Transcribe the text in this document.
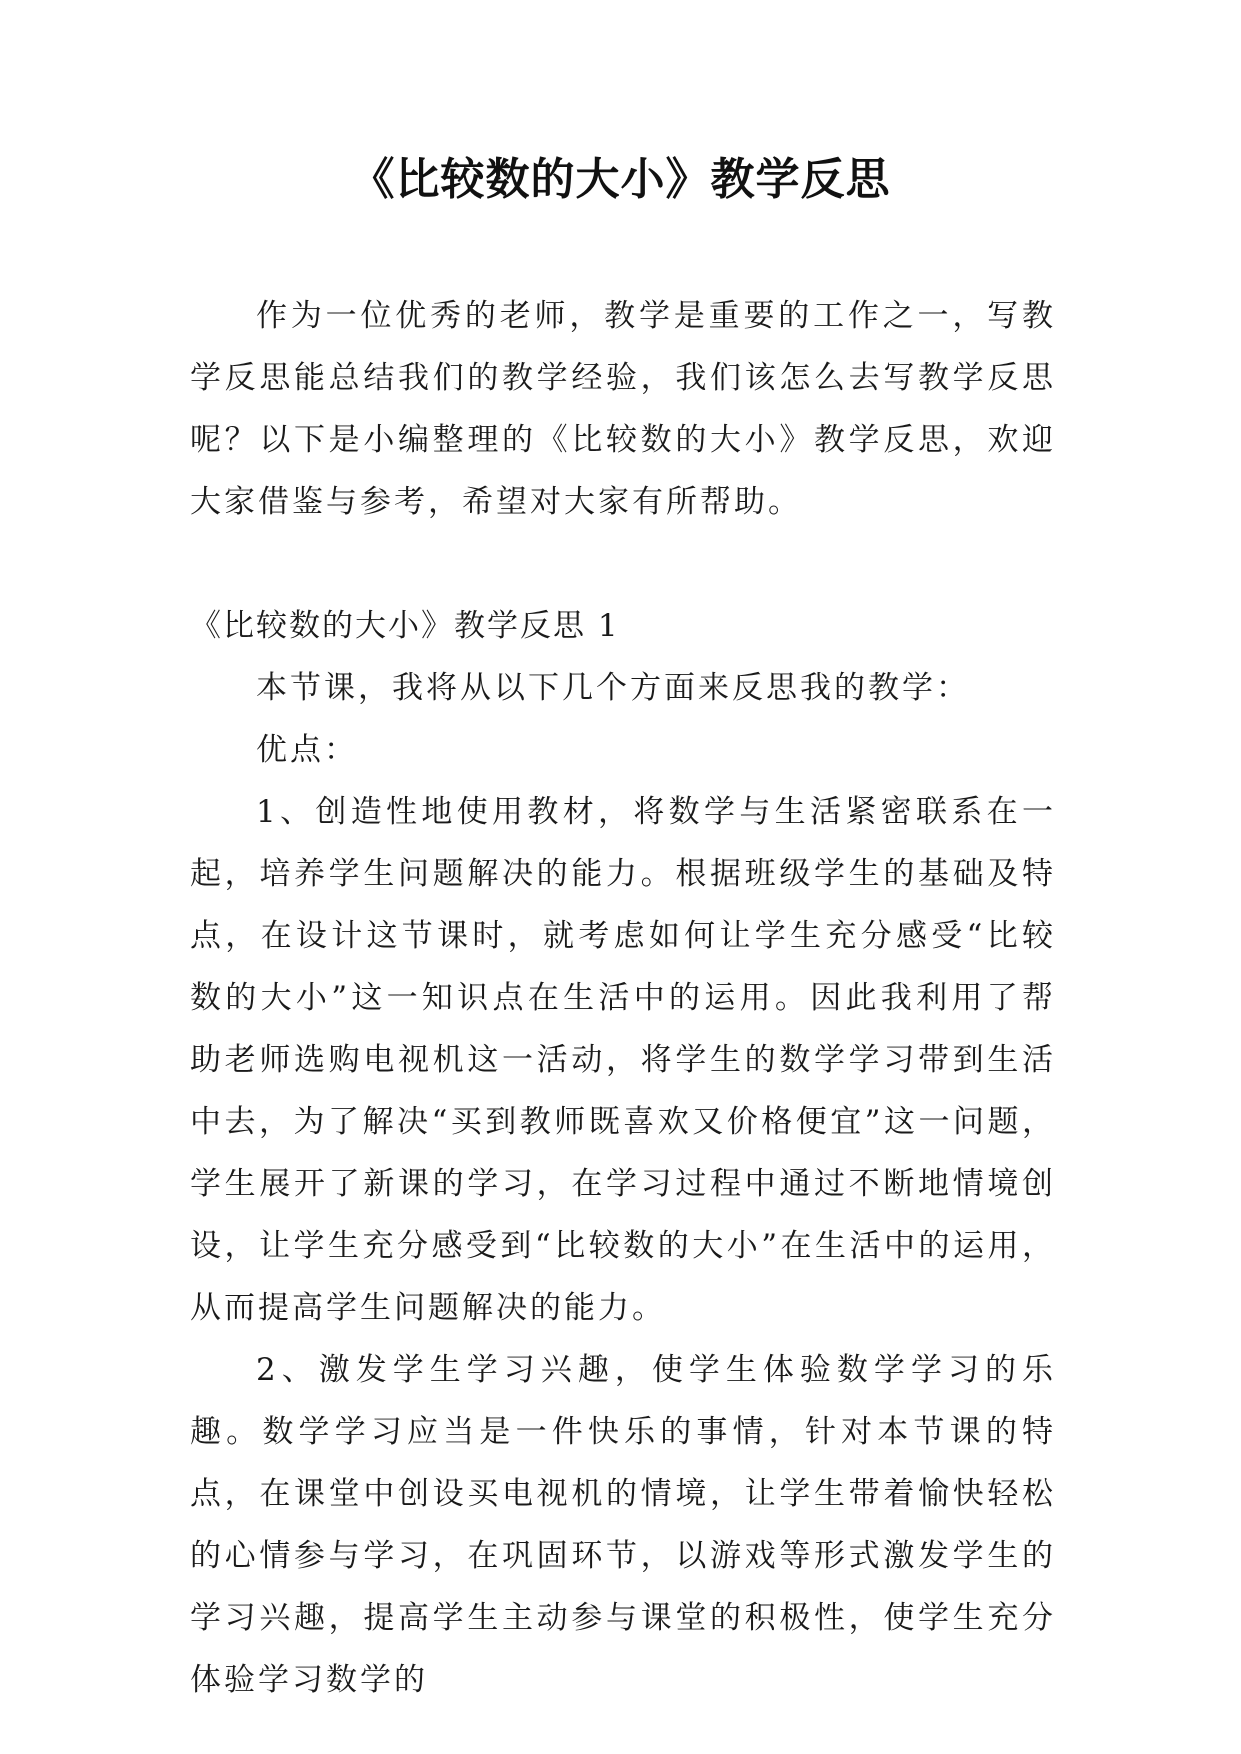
《比较数的大小》教学反思

作为一位优秀的老师，教学是重要的工作之一，写教学反思能总结我们的教学经验，我们该怎么去写教学反思呢？以下是小编整理的《比较数的大小》教学反思，欢迎大家借鉴与参考，希望对大家有所帮助。

《比较数的大小》教学反思 1

本节课，我将从以下几个方面来反思我的教学：

优点：

1、创造性地使用教材，将数学与生活紧密联系在一起，培养学生问题解决的能力。根据班级学生的基础及特点，在设计这节课时，就考虑如何让学生充分感受“比较数的大小”这一知识点在生活中的运用。因此我利用了帮助老师选购电视机这一活动，将学生的数学学习带到生活中去，为了解决“买到教师既喜欢又价格便宜”这一问题，学生展开了新课的学习，在学习过程中通过不断地情境创设，让学生充分感受到“比较数的大小”在生活中的运用，从而提高学生问题解决的能力。

2、激发学生学习兴趣，使学生体验数学学习的乐趣。数学学习应当是一件快乐的事情，针对本节课的特点，在课堂中创设买电视机的情境，让学生带着愉快轻松的心情参与学习，在巩固环节，以游戏等形式激发学生的学习兴趣，提高学生主动参与课堂的积极性，使学生充分体验学习数学的
